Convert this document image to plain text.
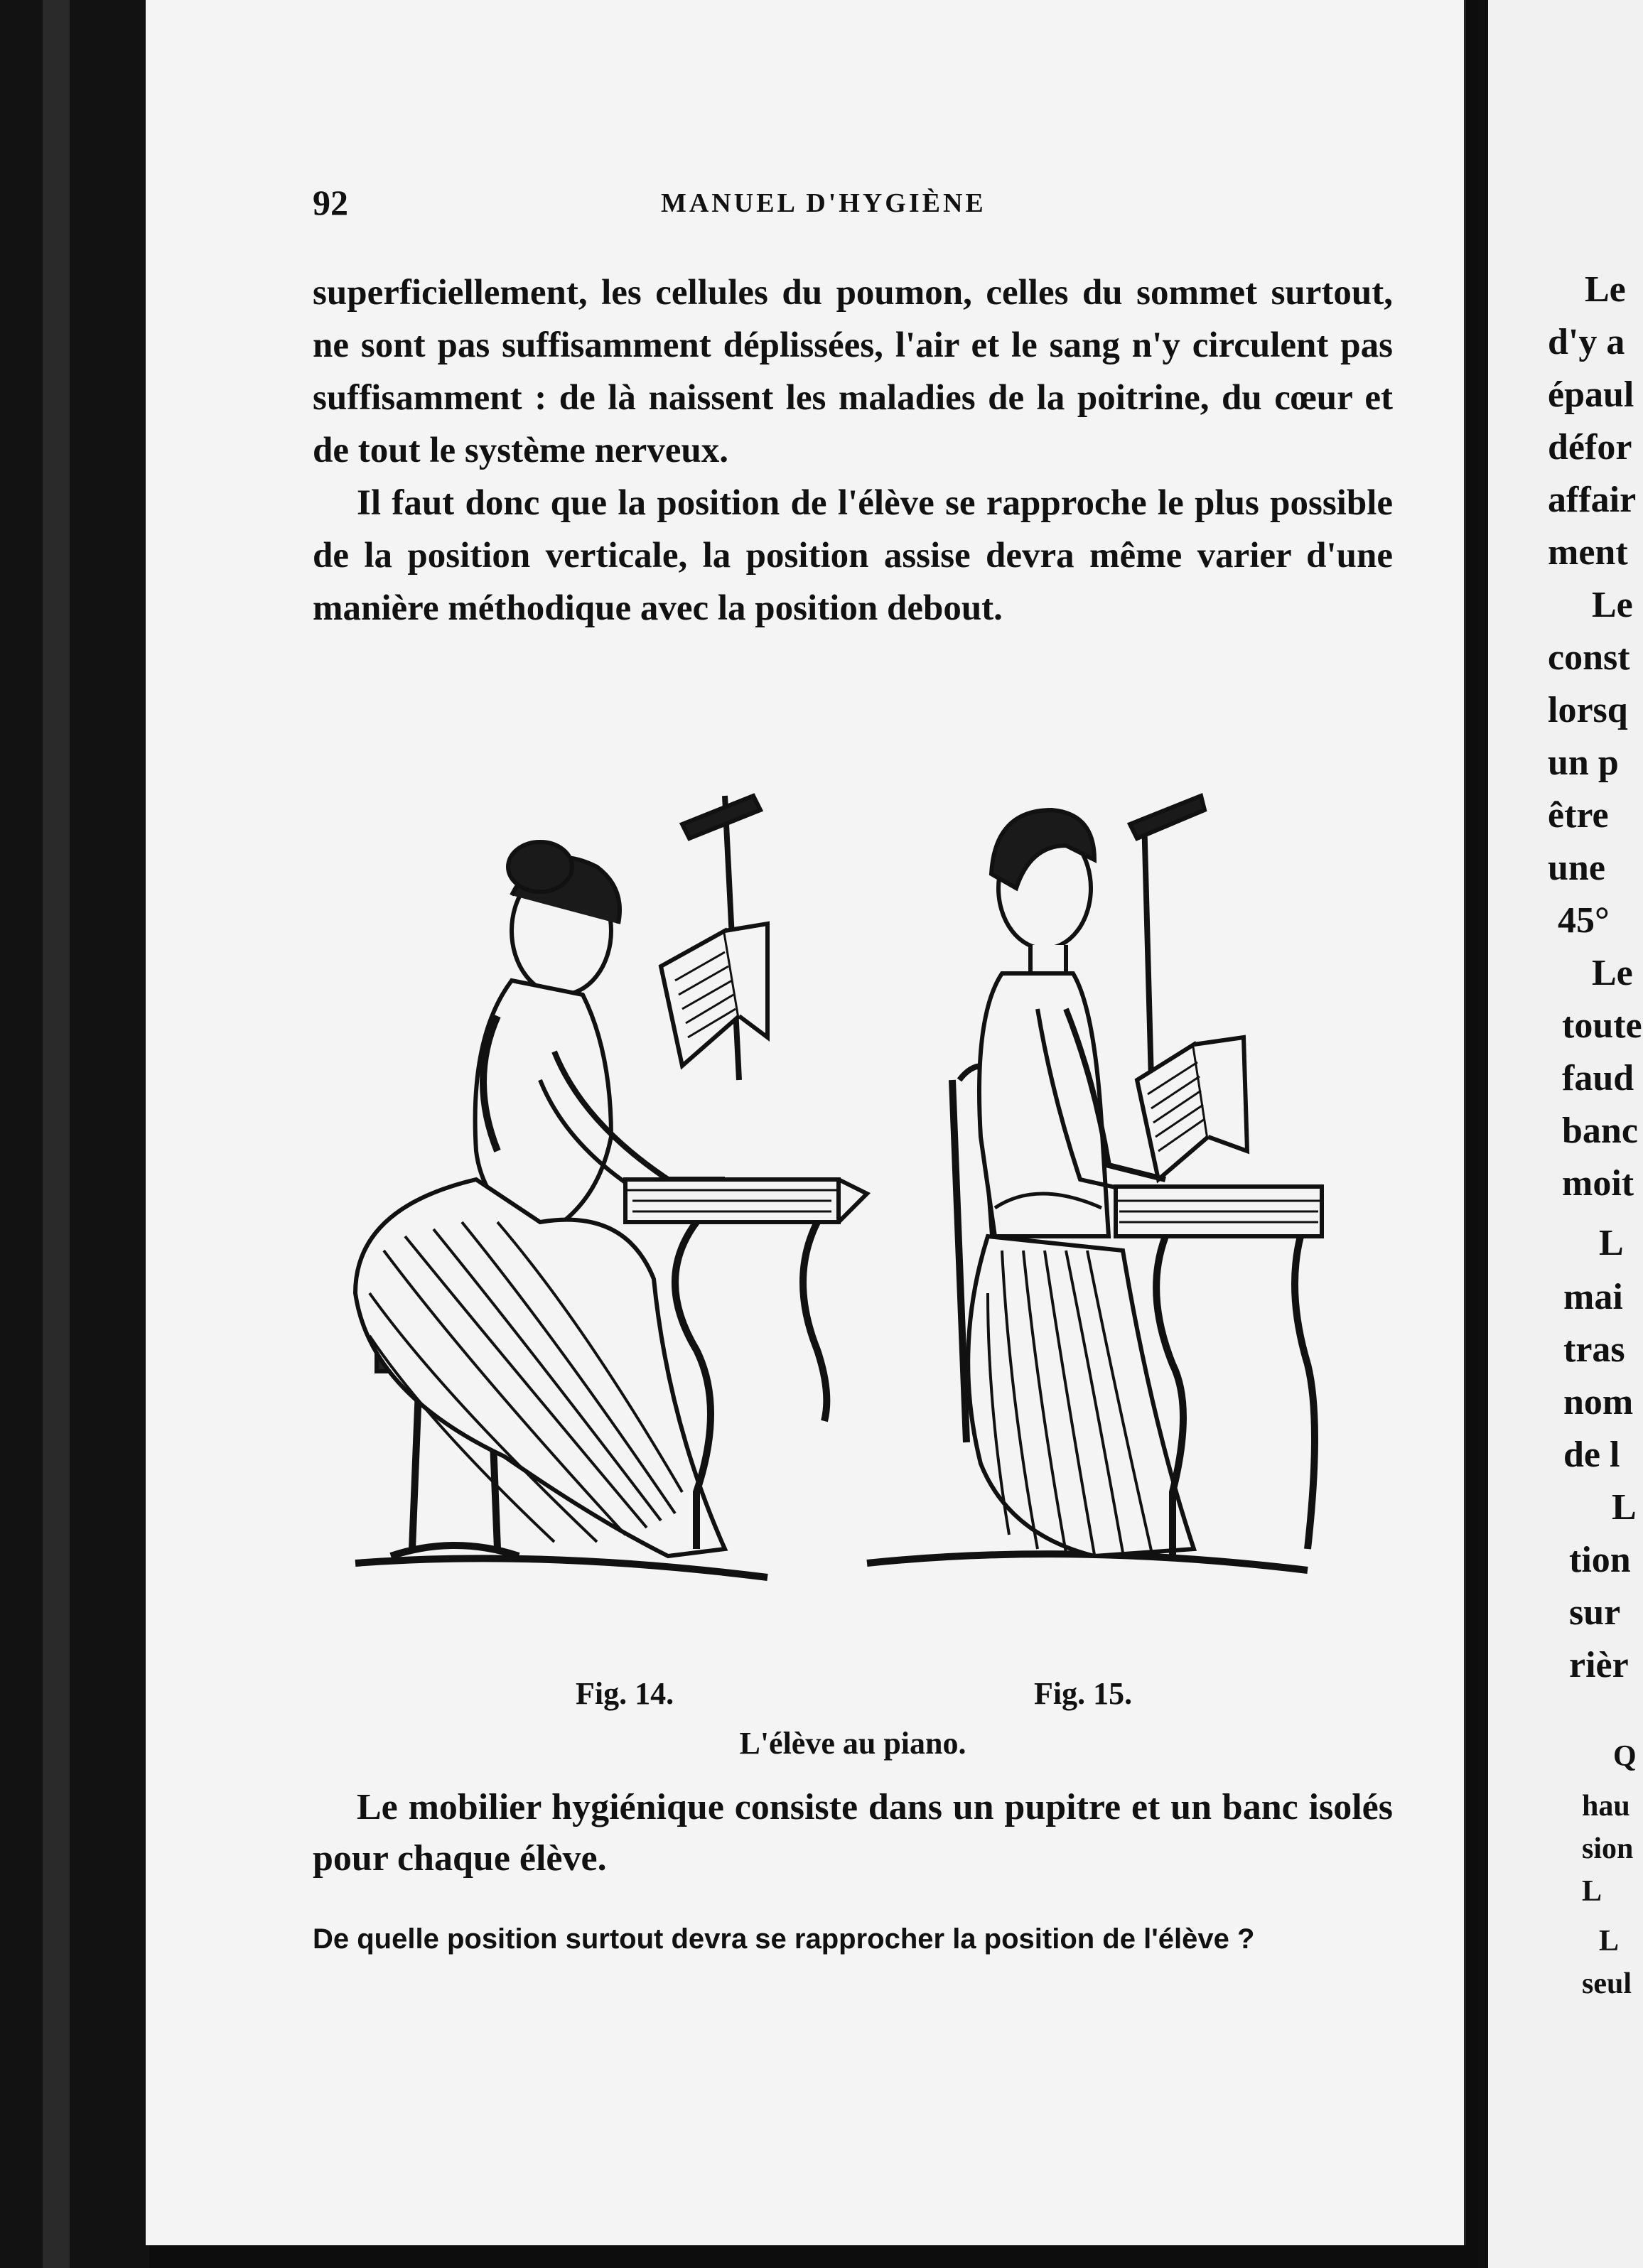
92	MANUEL D'HYGIÈNE

superficiellement, les cellules du poumon, celles du sommet surtout, ne sont pas suffisamment déplissées, l'air et le sang n'y circulent pas suffisamment : de là naissent les maladies de la poitrine, du cœur et de tout le système nerveux.

Il faut donc que la position de l'élève se rapproche le plus possible de la position verticale, la position assise devra même varier d'une manière méthodique avec la position debout.

Fig. 14.	Fig. 15.
L'élève au piano.

Le mobilier hygiénique consiste dans un pupitre et un banc isolés pour chaque élève.

De quelle position surtout devra se rapprocher la position de l'élève ?

Le
d'y a
épaul
défor
affair
ment
Le
const
lorsq
un p
être
une
45°
Le
toute
faud
banc
moit
L
mai
tras
nom
de l
L
tion
sur
rièr
Q
hau
sion
L
L
seul
